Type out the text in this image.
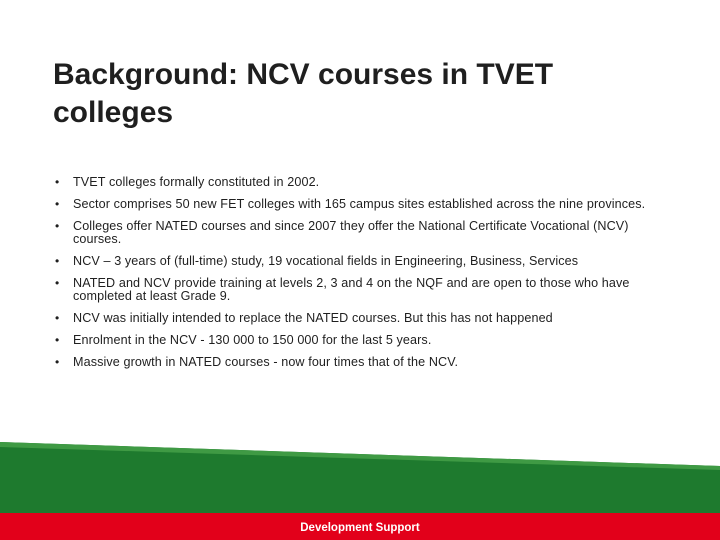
Background: NCV courses in TVET colleges
• TVET colleges formally constituted in 2002.
• Sector comprises 50 new FET colleges with 165 campus sites established across the nine provinces.
• Colleges offer NATED courses and since 2007 they offer the National Certificate Vocational (NCV) courses.
• NCV – 3 years of (full-time) study, 19 vocational fields in Engineering, Business, Services
• NATED and NCV provide training at levels 2, 3 and 4 on the NQF and are open to those who have completed at least Grade 9.
• NCV was initially intended to replace the NATED courses. But this has not happened
• Enrolment in the NCV - 130 000 to 150 000 for the last 5 years.
• Massive growth in NATED courses - now four times that of the NCV.
Development Support
